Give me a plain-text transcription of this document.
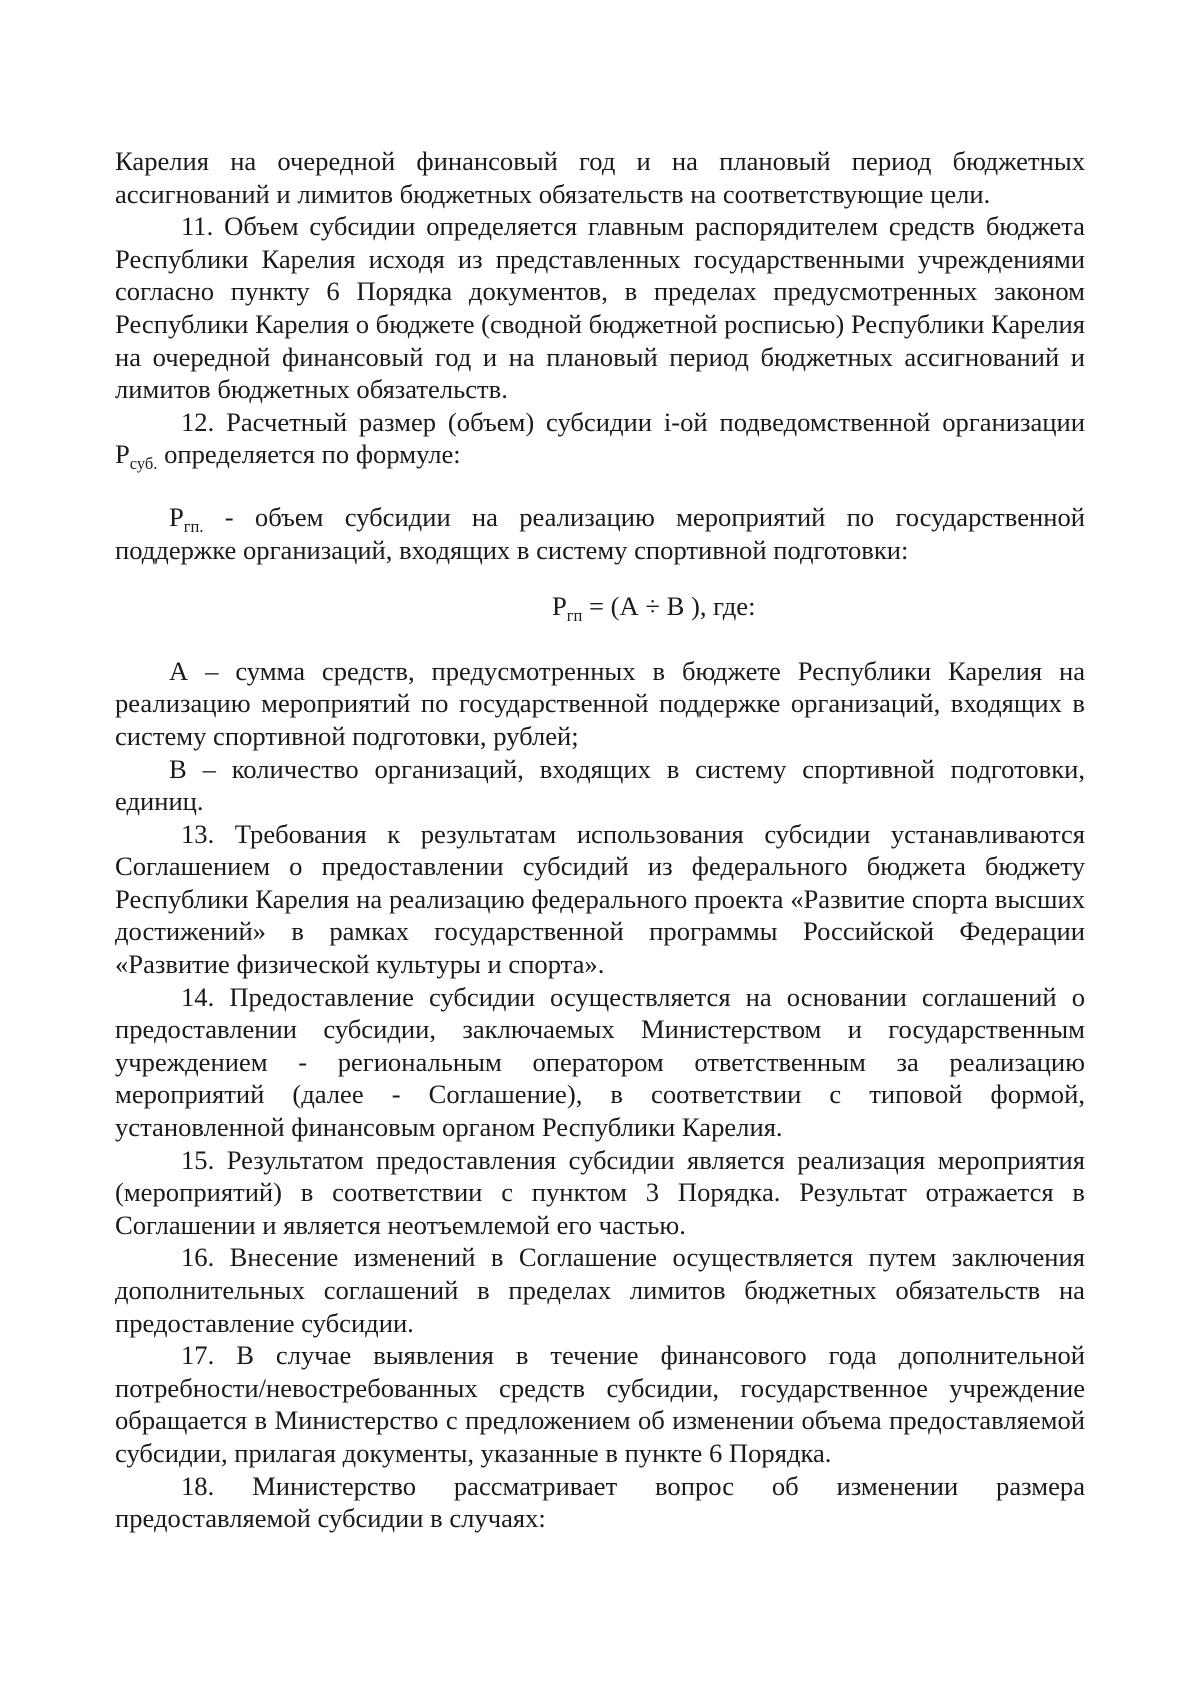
Карелия на очередной финансовый год и на плановый период бюджетных ассигнований и лимитов бюджетных обязательств на соответствующие цели.

11. Объем субсидии определяется главным распорядителем средств бюджета Республики Карелия исходя из представленных государственными учреждениями согласно пункту 6 Порядка документов, в пределах предусмотренных законом Республики Карелия о бюджете (сводной бюджетной росписью) Республики Карелия на очередной финансовый год и на плановый период бюджетных ассигнований и лимитов бюджетных обязательств.

12. Расчетный размер (объем) субсидии i-ой подведомственной организации $Р_{суб.}$ определяется по формуле:

$Р_{гп.}$ - объем субсидии на реализацию мероприятий по государственной поддержке организаций, входящих в систему спортивной подготовки:

$Р_{гп} = (А \div В$ ), где:

А – сумма средств, предусмотренных в бюджете Республики Карелия на реализацию мероприятий по государственной поддержке организаций, входящих в систему спортивной подготовки, рублей;

В – количество организаций, входящих в систему спортивной подготовки, единиц.

13. Требования к результатам использования субсидии устанавливаются Соглашением о предоставлении субсидий из федерального бюджета бюджету Республики Карелия на реализацию федерального проекта «Развитие спорта высших достижений» в рамках государственной программы Российской Федерации «Развитие физической культуры и спорта».

14. Предоставление субсидии осуществляется на основании соглашений о предоставлении субсидии, заключаемых Министерством и государственным учреждением - региональным оператором ответственным за реализацию мероприятий (далее - Соглашение), в соответствии с типовой формой, установленной финансовым органом Республики Карелия.

15. Результатом предоставления субсидии является реализация мероприятия (мероприятий) в соответствии с пунктом 3 Порядка. Результат отражается в Соглашении и является неотъемлемой его частью.

16. Внесение изменений в Соглашение осуществляется путем заключения дополнительных соглашений в пределах лимитов бюджетных обязательств на предоставление субсидии.

17. В случае выявления в течение финансового года дополнительной потребности/невостребованных средств субсидии, государственное учреждение обращается в Министерство с предложением об изменении объема предоставляемой субсидии, прилагая документы, указанные в пункте 6 Порядка.

18. Министерство рассматривает вопрос об изменении размера предоставляемой субсидии в случаях:
